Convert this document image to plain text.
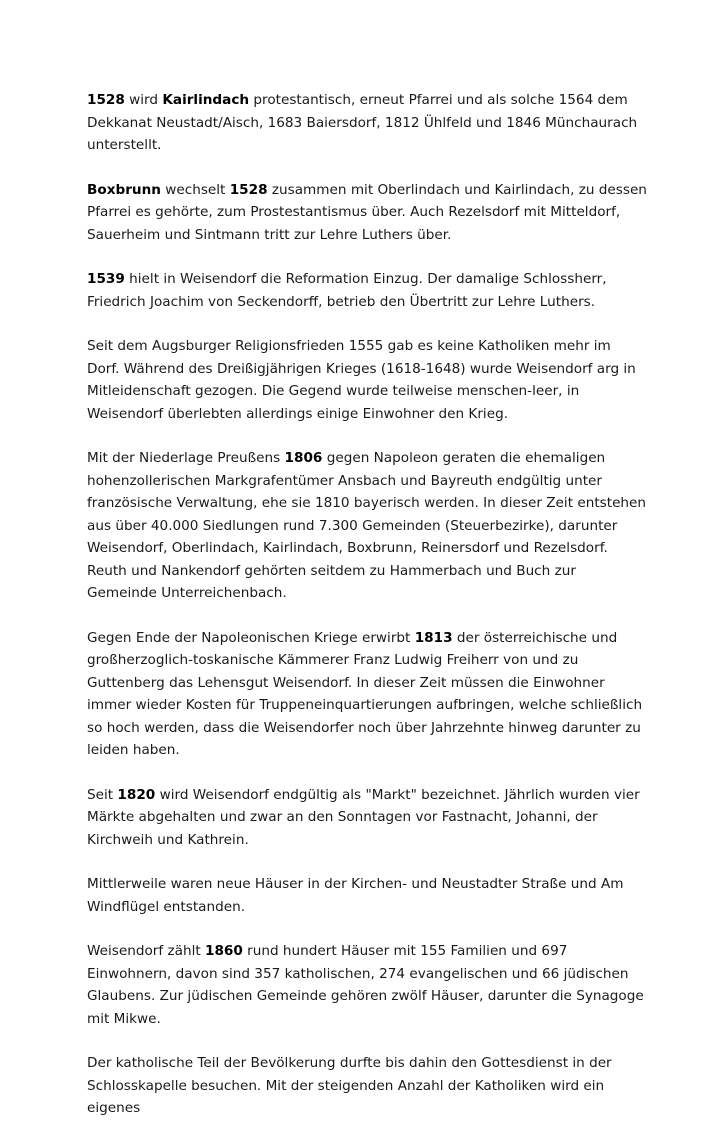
1528 wird Kairlindach protestantisch, erneut Pfarrei und als solche 1564 dem Dekkanat Neustadt/Aisch, 1683 Baiersdorf, 1812 Ühlfeld und 1846 Münchaurach unterstellt.

Boxbrunn wechselt 1528 zusammen mit Oberlindach und Kairlindach, zu dessen Pfarrei es gehörte, zum Prostestantismus über. Auch Rezelsdorf mit Mitteldorf, Sauerheim und Sintmann tritt zur Lehre Luthers über.

1539 hielt in Weisendorf die Reformation Einzug. Der damalige Schlossherr, Friedrich Joachim von Seckendorff, betrieb den Übertritt zur Lehre Luthers.

Seit dem Augsburger Religionsfrieden 1555 gab es keine Katholiken mehr im Dorf. Während des Dreißigjährigen Krieges (1618-1648) wurde Weisendorf arg in Mitleidenschaft gezogen. Die Gegend wurde teilweise menschen-leer, in Weisendorf überlebten allerdings einige Einwohner den Krieg.

Mit der Niederlage Preußens 1806 gegen Napoleon geraten die ehemaligen hohenzollerischen Markgrafentümer Ansbach und Bayreuth endgültig unter französische Verwaltung, ehe sie 1810 bayerisch werden. In dieser Zeit entstehen aus über 40.000 Siedlungen rund 7.300 Gemeinden (Steuerbezirke), darunter Weisendorf, Oberlindach, Kairlindach, Boxbrunn, Reinersdorf und Rezelsdorf. Reuth und Nankendorf gehörten seitdem zu Hammerbach und Buch zur Gemeinde Unterreichenbach.

Gegen Ende der Napoleonischen Kriege erwirbt 1813 der österreichische und großherzoglich-toskanische Kämmerer Franz Ludwig Freiherr von und zu Guttenberg das Lehensgut Weisendorf. In dieser Zeit müssen die Einwohner immer wieder Kosten für Truppeneinquartierungen aufbringen, welche schließlich so hoch werden, dass die Weisendorfer noch über Jahrzehnte hinweg darunter zu leiden haben.

Seit 1820 wird Weisendorf endgültig als "Markt" bezeichnet. Jährlich wurden vier Märkte abgehalten und zwar an den Sonntagen vor Fastnacht, Johanni, der Kirchweih und Kathrein.

Mittlerweile waren neue Häuser in der Kirchen- und Neustadter Straße und Am Windflügel entstanden.

Weisendorf zählt 1860 rund hundert Häuser mit 155 Familien und 697 Einwohnern, davon sind 357 katholischen, 274 evangelischen und 66 jüdischen Glaubens. Zur jüdischen Gemeinde gehören zwölf Häuser, darunter die Synagoge mit Mikwe.

Der katholische Teil der Bevölkerung durfte bis dahin den Gottesdienst in der Schlosskapelle besuchen. Mit der steigenden Anzahl der Katholiken wird ein eigenes
